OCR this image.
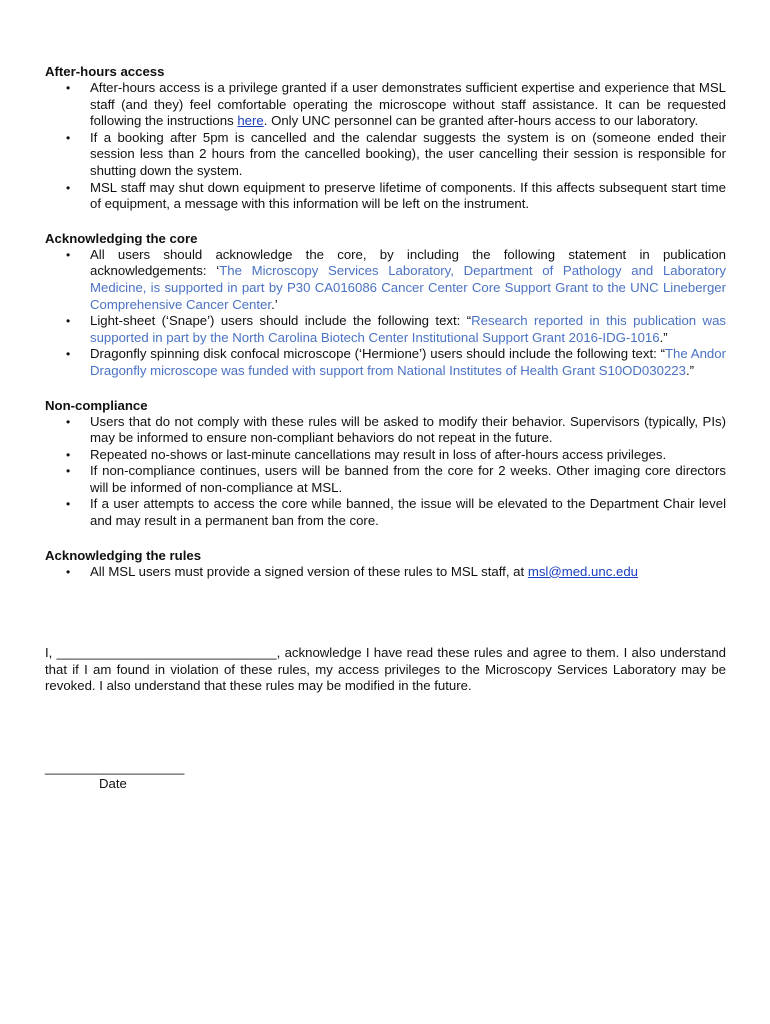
After-hours access
• After-hours access is a privilege granted if a user demonstrates sufficient expertise and experience that MSL staff (and they) feel comfortable operating the microscope without staff assistance. It can be requested following the instructions here. Only UNC personnel can be granted after-hours access to our laboratory.
• If a booking after 5pm is cancelled and the calendar suggests the system is on (someone ended their session less than 2 hours from the cancelled booking), the user cancelling their session is responsible for shutting down the system.
• MSL staff may shut down equipment to preserve lifetime of components. If this affects subsequent start time of equipment, a message with this information will be left on the instrument.
Acknowledging the core
• All users should acknowledge the core, by including the following statement in publication acknowledgements: ‘The Microscopy Services Laboratory, Department of Pathology and Laboratory Medicine, is supported in part by P30 CA016086 Cancer Center Core Support Grant to the UNC Lineberger Comprehensive Cancer Center.’
• Light-sheet (‘Snape’) users should include the following text: “Research reported in this publication was supported in part by the North Carolina Biotech Center Institutional Support Grant 2016-IDG-1016.”
• Dragonfly spinning disk confocal microscope (‘Hermione’) users should include the following text: “The Andor Dragonfly microscope was funded with support from National Institutes of Health Grant S10OD030223.”
Non-compliance
• Users that do not comply with these rules will be asked to modify their behavior. Supervisors (typically, PIs) may be informed to ensure non-compliant behaviors do not repeat in the future.
• Repeated no-shows or last-minute cancellations may result in loss of after-hours access privileges.
• If non-compliance continues, users will be banned from the core for 2 weeks. Other imaging core directors will be informed of non-compliance at MSL.
• If a user attempts to access the core while banned, the issue will be elevated to the Department Chair level and may result in a permanent ban from the core.
Acknowledging the rules
• All MSL users must provide a signed version of these rules to MSL staff, at msl@med.unc.edu

I, ______________________________, acknowledge I have read these rules and agree to them. I also understand that if I am found in violation of these rules, my access privileges to the Microscopy Services Laboratory may be revoked. I also understand that these rules may be modified in the future.

___________________
Date
